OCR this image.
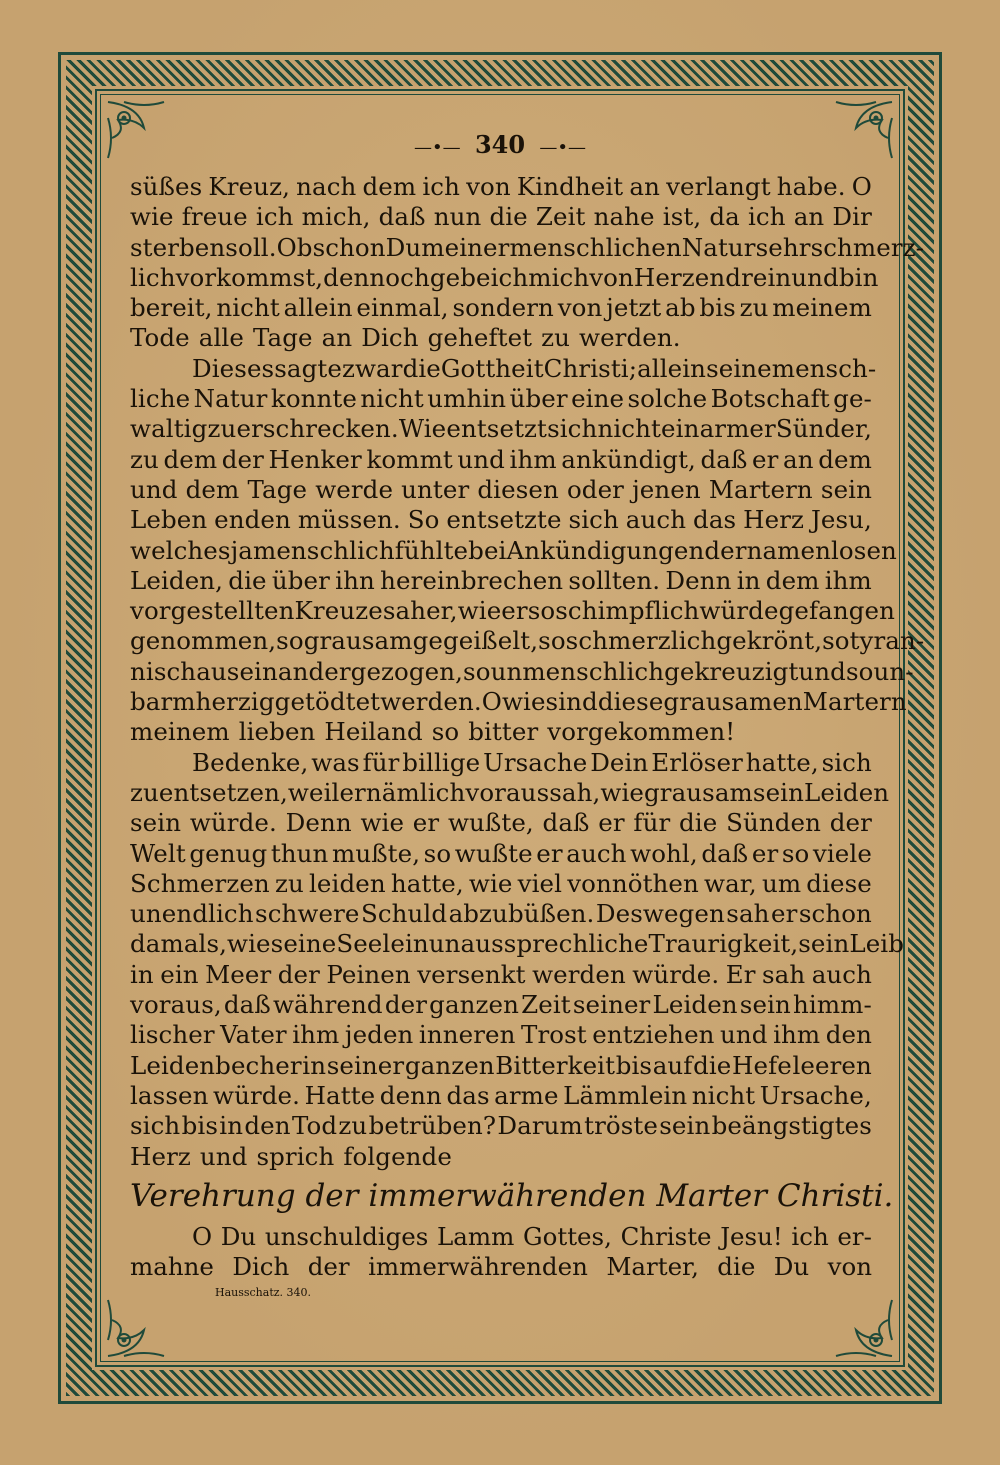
—•— 340 —•—
süßes Kreuz, nach dem ich von Kindheit an verlangt habe. O
wie freue ich mich, daß nun die Zeit nahe ist, da ich an Dir
sterben soll. Obschon Du meiner menschlichen Natur sehr schmerz-
lich vorkommst, dennoch gebe ich mich von Herzen drein und bin
bereit, nicht allein einmal, sondern von jetzt ab bis zu meinem
Tode alle Tage an Dich geheftet zu werden.
Dieses sagte zwar die Gottheit Christi; allein seine mensch-
liche Natur konnte nicht umhin über eine solche Botschaft ge-
waltig zu erschrecken. Wie entsetzt sich nicht ein armer Sünder,
zu dem der Henker kommt und ihm ankündigt, daß er an dem
und dem Tage werde unter diesen oder jenen Martern sein
Leben enden müssen. So entsetzte sich auch das Herz Jesu,
welches ja menschlich fühlte bei Ankündigungen der namenlosen
Leiden, die über ihn hereinbrechen sollten. Denn in dem ihm
vorgestellten Kreuze sah er, wie er so schimpflich würde gefangen
genommen, so grausam gegeißelt, so schmerzlich gekrönt, so tyran-
nisch auseinandergezogen, so unmenschlich gekreuzigt und so un-
barmherzig getödtet werden. O wie sind diese grausamen Martern
meinem lieben Heiland so bitter vorgekommen!
Bedenke, was für billige Ursache Dein Erlöser hatte, sich
zu entsetzen, weil er nämlich voraussah, wie grausam sein Leiden
sein würde. Denn wie er wußte, daß er für die Sünden der
Welt genug thun mußte, so wußte er auch wohl, daß er so viele
Schmerzen zu leiden hatte, wie viel vonnöthen war, um diese
unendlich schwere Schuld abzubüßen. Deswegen sah er schon
damals, wie seine Seele in unaussprechliche Traurigkeit, sein Leib
in ein Meer der Peinen versenkt werden würde. Er sah auch
voraus, daß während der ganzen Zeit seiner Leiden sein himm-
lischer Vater ihm jeden inneren Trost entziehen und ihm den
Leidenbecher in seiner ganzen Bitterkeit bis auf die Hefe leeren
lassen würde. Hatte denn das arme Lämmlein nicht Ursache,
sich bis in den Tod zu betrüben? Darum tröste sein beängstigtes
Herz und sprich folgende
Verehrung der immerwährenden Marter Christi.
O Du unschuldiges Lamm Gottes, Christe Jesu! ich er-
mahne Dich der immerwährenden Marter, die Du von
Hausschatz. 340.
